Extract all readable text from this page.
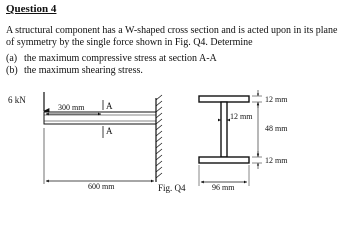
Question 4

A structural component has a W-shaped cross section and is acted upon in its plane of symmetry by the single force shown in Fig. Q4. Determine

(a) the maximum compressive stress at section A-A
(b) the maximum shearing stress.
6 kN
A
A
300 mm
600 mm
12 mm
12 mm
48 mm
12 mm
96 mm
Fig. Q4
